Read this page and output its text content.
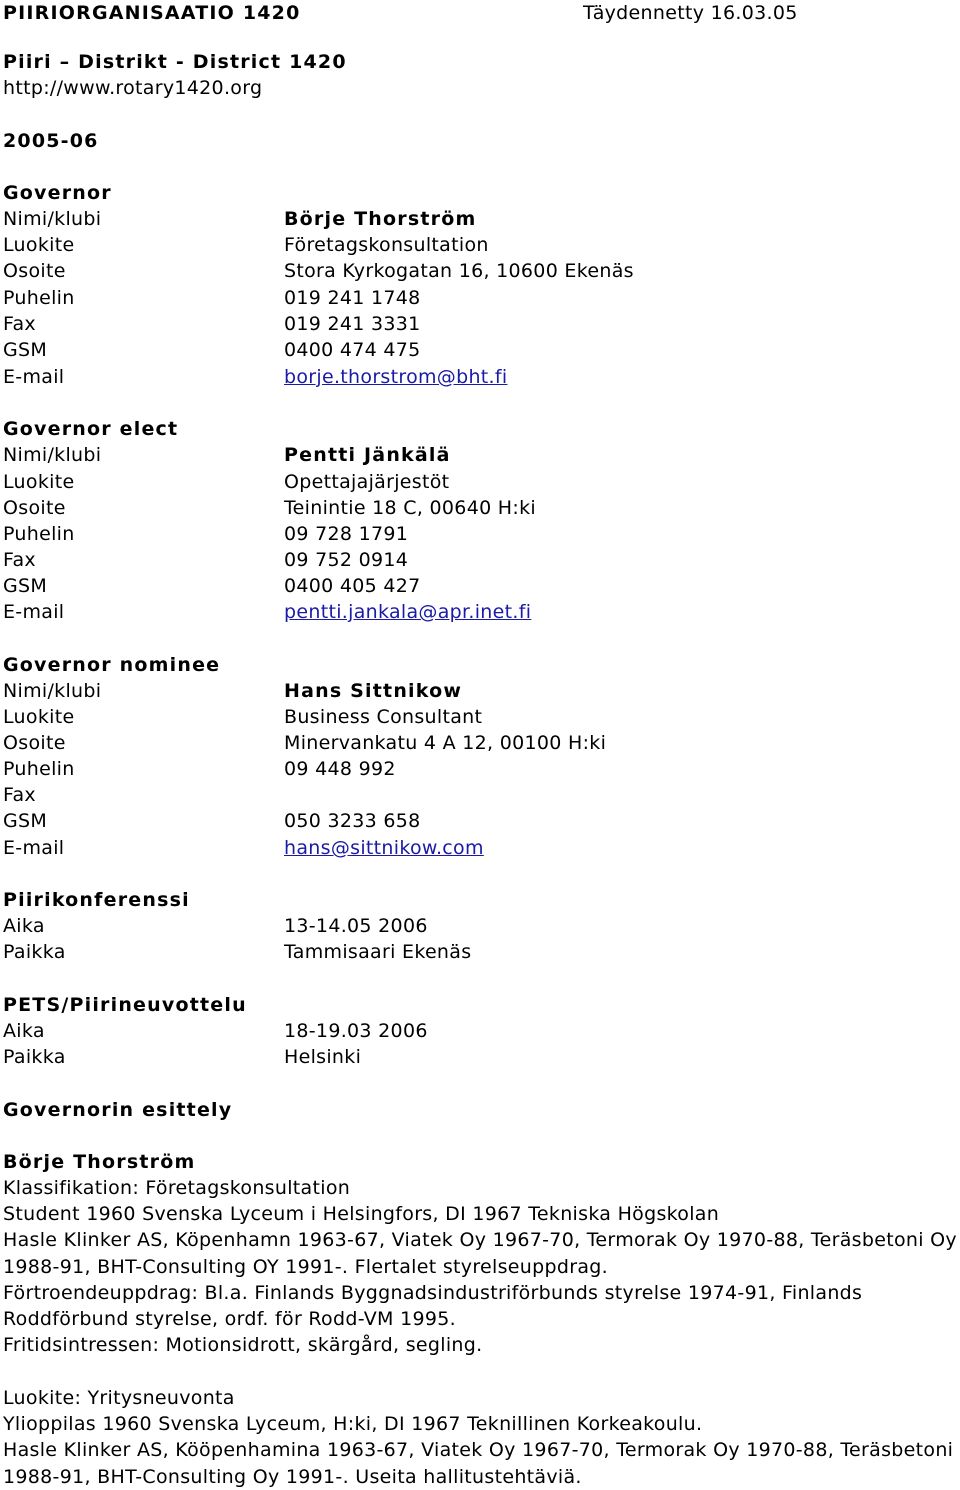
PIIRIORGANISAATIO 1420	Täydennetty 16.03.05
Piiri – Distrikt - District 1420
http://www.rotary1420.org
2005-06
Governor
Nimi/klubi	Börje Thorström
Luokite	Företagskonsultation
Osoite	Stora Kyrkogatan 16, 10600 Ekenäs
Puhelin	019 241 1748
Fax	019 241 3331
GSM	0400 474 475
E-mail	borje.thorstrom@bht.fi
Governor elect
Nimi/klubi	Pentti Jänkälä
Luokite	Opettajajärjestöt
Osoite	Teinintie 18 C, 00640 H:ki
Puhelin	09 728 1791
Fax	09 752 0914
GSM	0400 405 427
E-mail	pentti.jankala@apr.inet.fi
Governor nominee
Nimi/klubi	Hans Sittnikow
Luokite	Business Consultant
Osoite	Minervankatu 4 A 12, 00100 H:ki
Puhelin	09 448 992
Fax
GSM	050 3233 658
E-mail	hans@sittnikow.com
Piirikonferenssi
Aika	13-14.05 2006
Paikka	Tammisaari Ekenäs
PETS/Piirineuvottelu
Aika	18-19.03 2006
Paikka	Helsinki
Governorin esittely
Börje Thorström
Klassifikation: Företagskonsultation
Student 1960 Svenska Lyceum i Helsingfors, DI 1967 Tekniska Högskolan
Hasle Klinker AS, Köpenhamn 1963-67, Viatek Oy 1967-70, Termorak Oy 1970-88, Teräsbetoni Oy 1988-91, BHT-Consulting OY 1991-. Flertalet styrelseuppdrag.
Förtroendeuppdrag: Bl.a. Finlands Byggnadsindustriförbunds styrelse 1974-91, Finlands Roddförbund styrelse, ordf. för Rodd-VM 1995.
Fritidsintressen: Motionsidrott, skärgård, segling.
Luokite: Yritysneuvonta
Ylioppilas 1960 Svenska Lyceum, H:ki, DI 1967 Teknillinen Korkeakoulu.
Hasle Klinker AS, Kööpenhamina 1963-67, Viatek Oy 1967-70, Termorak Oy 1970-88, Teräsbetoni 1988-91, BHT-Consulting Oy 1991-. Useita hallitustehtäviä.
